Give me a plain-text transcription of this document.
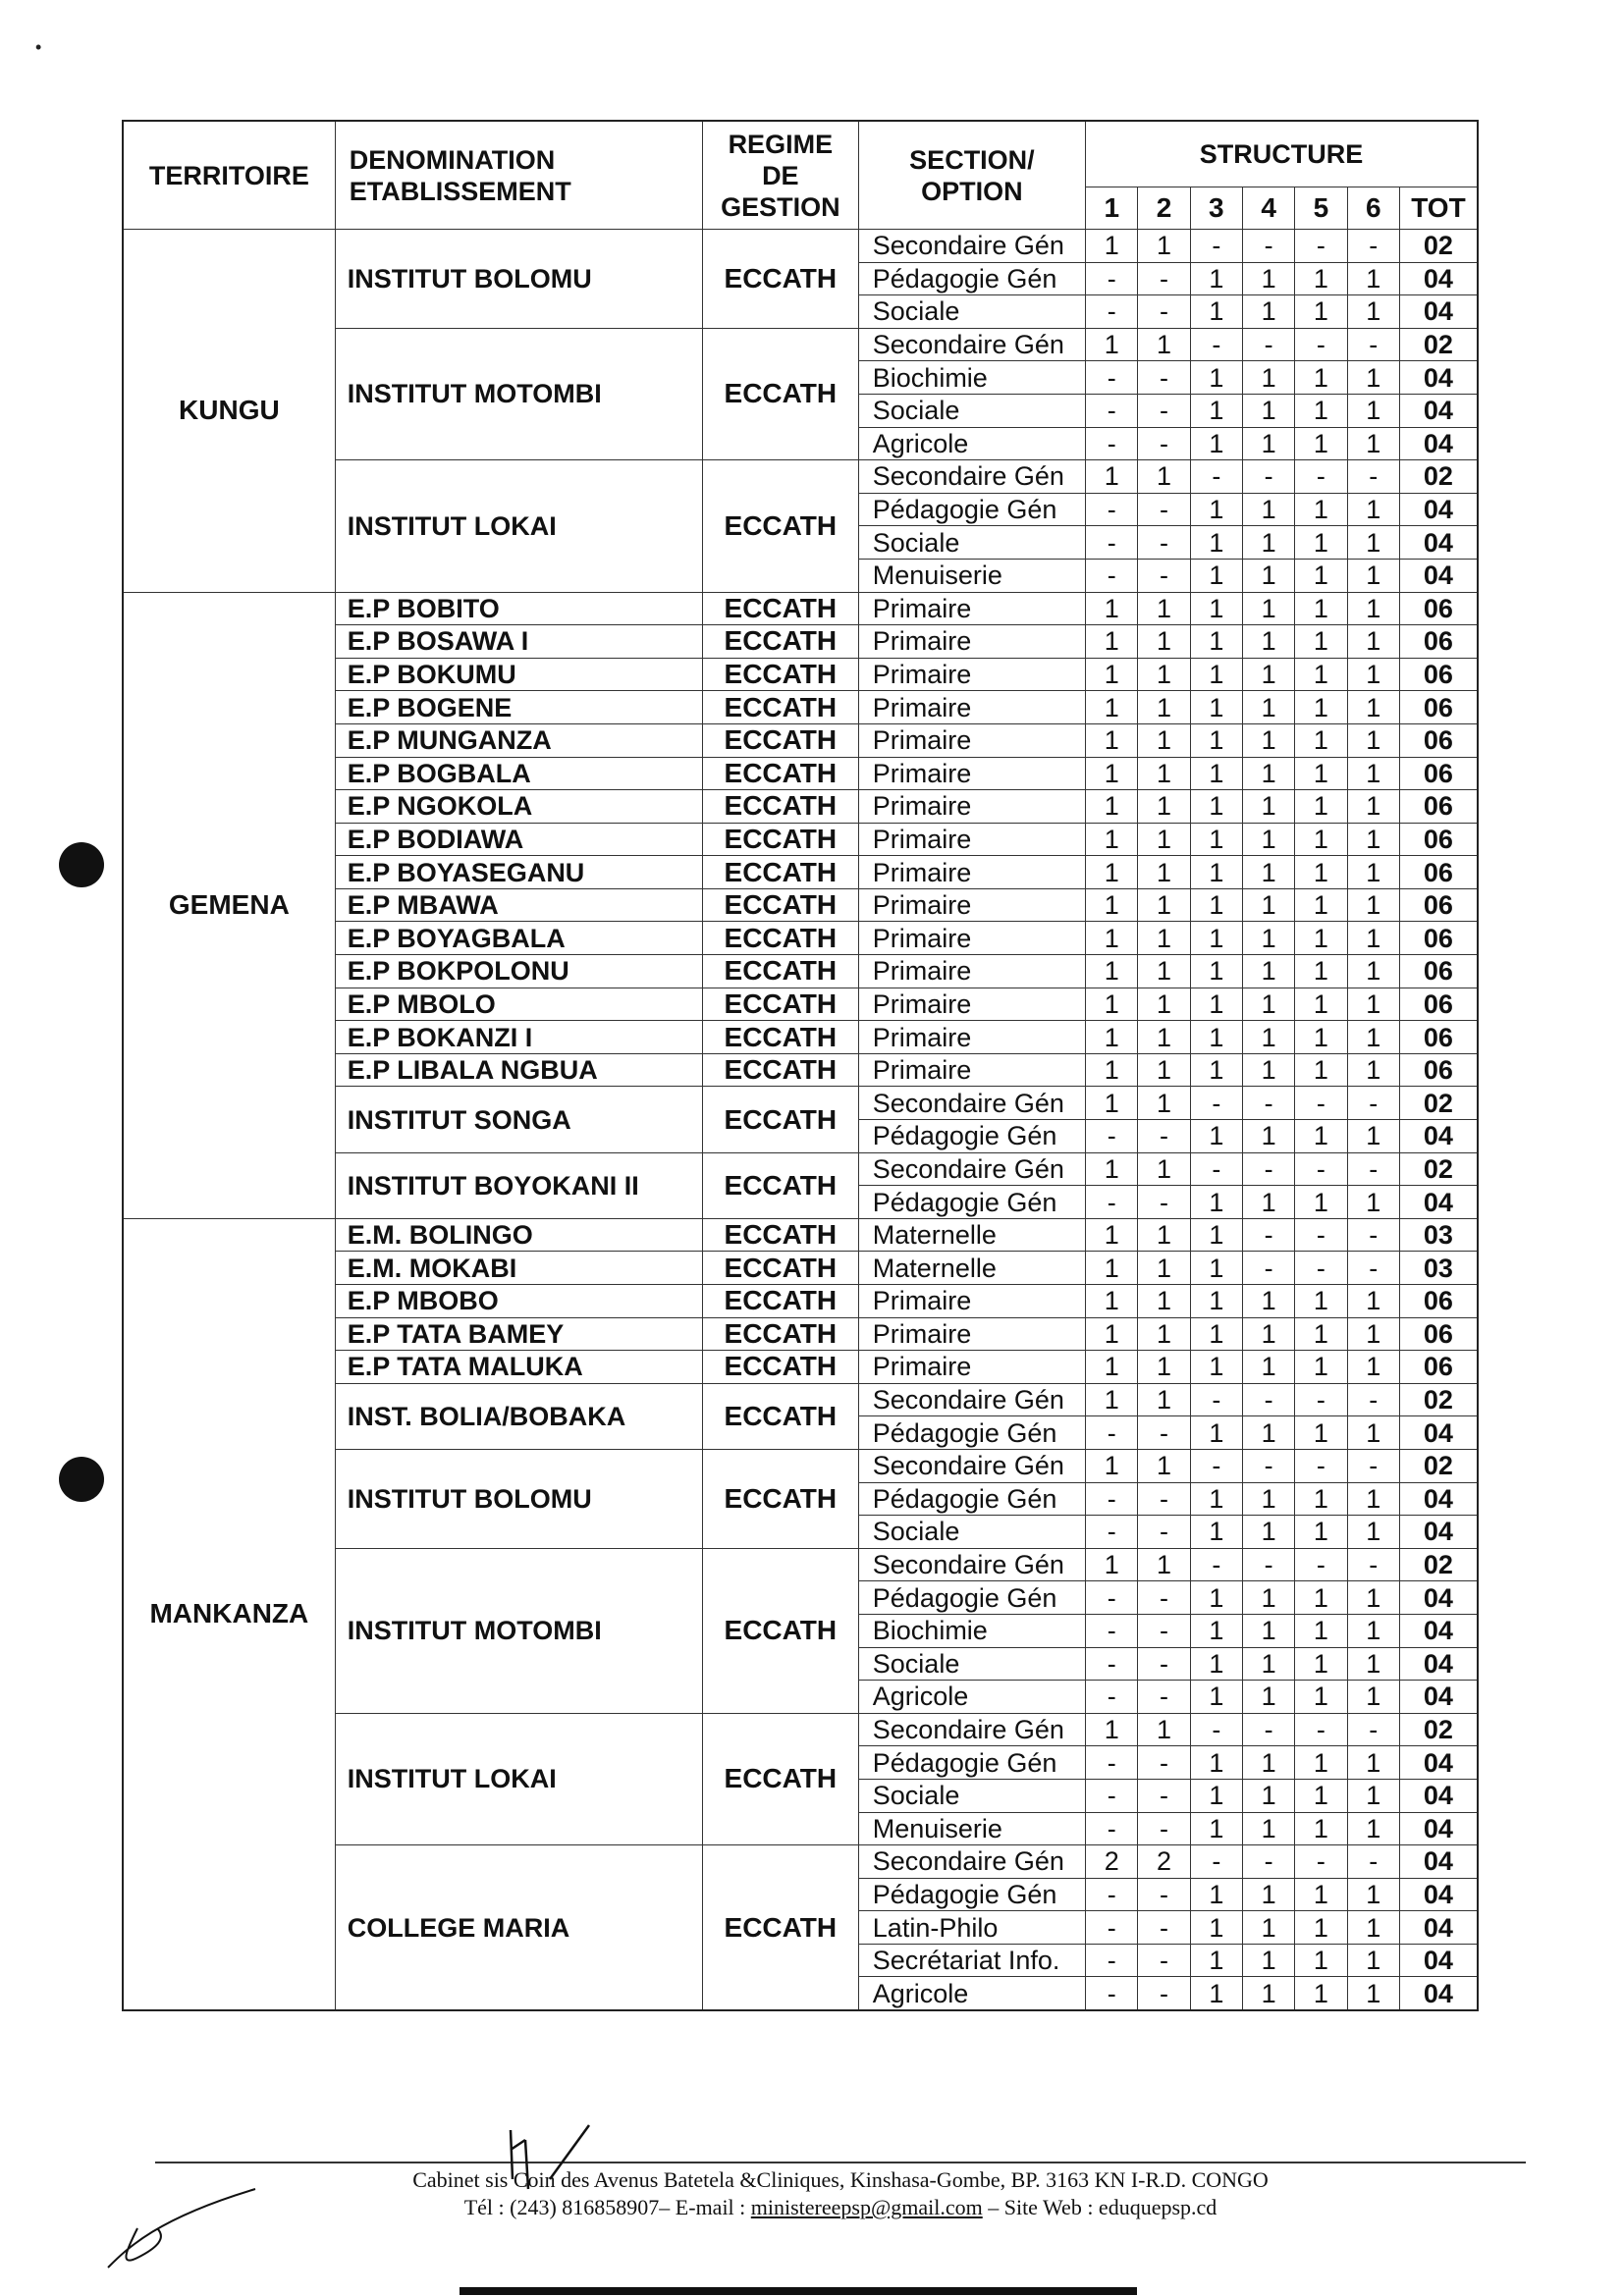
•
TERRITOIRE	DENOMINATION ETABLISSEMENT	REGIME DE GESTION	SECTION/ OPTION	STRUCTURE						
				1	2	3	4	5	6	TOT
KUNGU	INSTITUT BOLOMU	ECCATH	Secondaire Gén	1	1	-	-	-	-	02
			Pédagogie Gén	-	-	1	1	1	1	04
			Sociale	-	-	1	1	1	1	04
	INSTITUT MOTOMBI	ECCATH	Secondaire Gén	1	1	-	-	-	-	02
			Biochimie	-	-	1	1	1	1	04
			Sociale	-	-	1	1	1	1	04
			Agricole	-	-	1	1	1	1	04
	INSTITUT LOKAI	ECCATH	Secondaire Gén	1	1	-	-	-	-	02
			Pédagogie Gén	-	-	1	1	1	1	04
			Sociale	-	-	1	1	1	1	04
			Menuiserie	-	-	1	1	1	1	04
GEMENA	E.P BOBITO	ECCATH	Primaire	1	1	1	1	1	1	06
	E.P BOSAWA I	ECCATH	Primaire	1	1	1	1	1	1	06
	E.P BOKUMU	ECCATH	Primaire	1	1	1	1	1	1	06
	E.P BOGENE	ECCATH	Primaire	1	1	1	1	1	1	06
	E.P MUNGANZA	ECCATH	Primaire	1	1	1	1	1	1	06
	E.P BOGBALA	ECCATH	Primaire	1	1	1	1	1	1	06
	E.P NGOKOLA	ECCATH	Primaire	1	1	1	1	1	1	06
	E.P BODIAWA	ECCATH	Primaire	1	1	1	1	1	1	06
	E.P BOYASEGANU	ECCATH	Primaire	1	1	1	1	1	1	06
	E.P MBAWA	ECCATH	Primaire	1	1	1	1	1	1	06
	E.P BOYAGBALA	ECCATH	Primaire	1	1	1	1	1	1	06
	E.P BOKPOLONU	ECCATH	Primaire	1	1	1	1	1	1	06
	E.P MBOLO	ECCATH	Primaire	1	1	1	1	1	1	06
	E.P BOKANZI I	ECCATH	Primaire	1	1	1	1	1	1	06
	E.P LIBALA NGBUA	ECCATH	Primaire	1	1	1	1	1	1	06
	INSTITUT SONGA	ECCATH	Secondaire Gén	1	1	-	-	-	-	02
			Pédagogie Gén	-	-	1	1	1	1	04
	INSTITUT BOYOKANI II	ECCATH	Secondaire Gén	1	1	-	-	-	-	02
			Pédagogie Gén	-	-	1	1	1	1	04
MANKANZA	E.M. BOLINGO	ECCATH	Maternelle	1	1	1	-	-	-	03
	E.M. MOKABI	ECCATH	Maternelle	1	1	1	-	-	-	03
	E.P MBOBO	ECCATH	Primaire	1	1	1	1	1	1	06
	E.P TATA BAMEY	ECCATH	Primaire	1	1	1	1	1	1	06
	E.P TATA MALUKA	ECCATH	Primaire	1	1	1	1	1	1	06
	INST. BOLIA/BOBAKA	ECCATH	Secondaire Gén	1	1	-	-	-	-	02
			Pédagogie Gén	-	-	1	1	1	1	04
	INSTITUT BOLOMU	ECCATH	Secondaire Gén	1	1	-	-	-	-	02
			Pédagogie Gén	-	-	1	1	1	1	04
			Sociale	-	-	1	1	1	1	04
	INSTITUT MOTOMBI	ECCATH	Secondaire Gén	1	1	-	-	-	-	02
			Pédagogie Gén	-	-	1	1	1	1	04
			Biochimie	-	-	1	1	1	1	04
			Sociale	-	-	1	1	1	1	04
			Agricole	-	-	1	1	1	1	04
	INSTITUT LOKAI	ECCATH	Secondaire Gén	1	1	-	-	-	-	02
			Pédagogie Gén	-	-	1	1	1	1	04
			Sociale	-	-	1	1	1	1	04
			Menuiserie	-	-	1	1	1	1	04
	COLLEGE MARIA	ECCATH	Secondaire Gén	2	2	-	-	-	-	04
			Pédagogie Gén	-	-	1	1	1	1	04
			Latin-Philo	-	-	1	1	1	1	04
			Secrétariat Info.	-	-	1	1	1	1	04
			Agricole	-	-	1	1	1	1	04
Cabinet sis Coin des Avenus Batetela &Cliniques, Kinshasa-Gombe, BP. 3163 KN I-R.D. CONGO
Tél : (243) 816858907– E-mail : ministereepsp@gmail.com – Site Web : eduquepsp.cd
